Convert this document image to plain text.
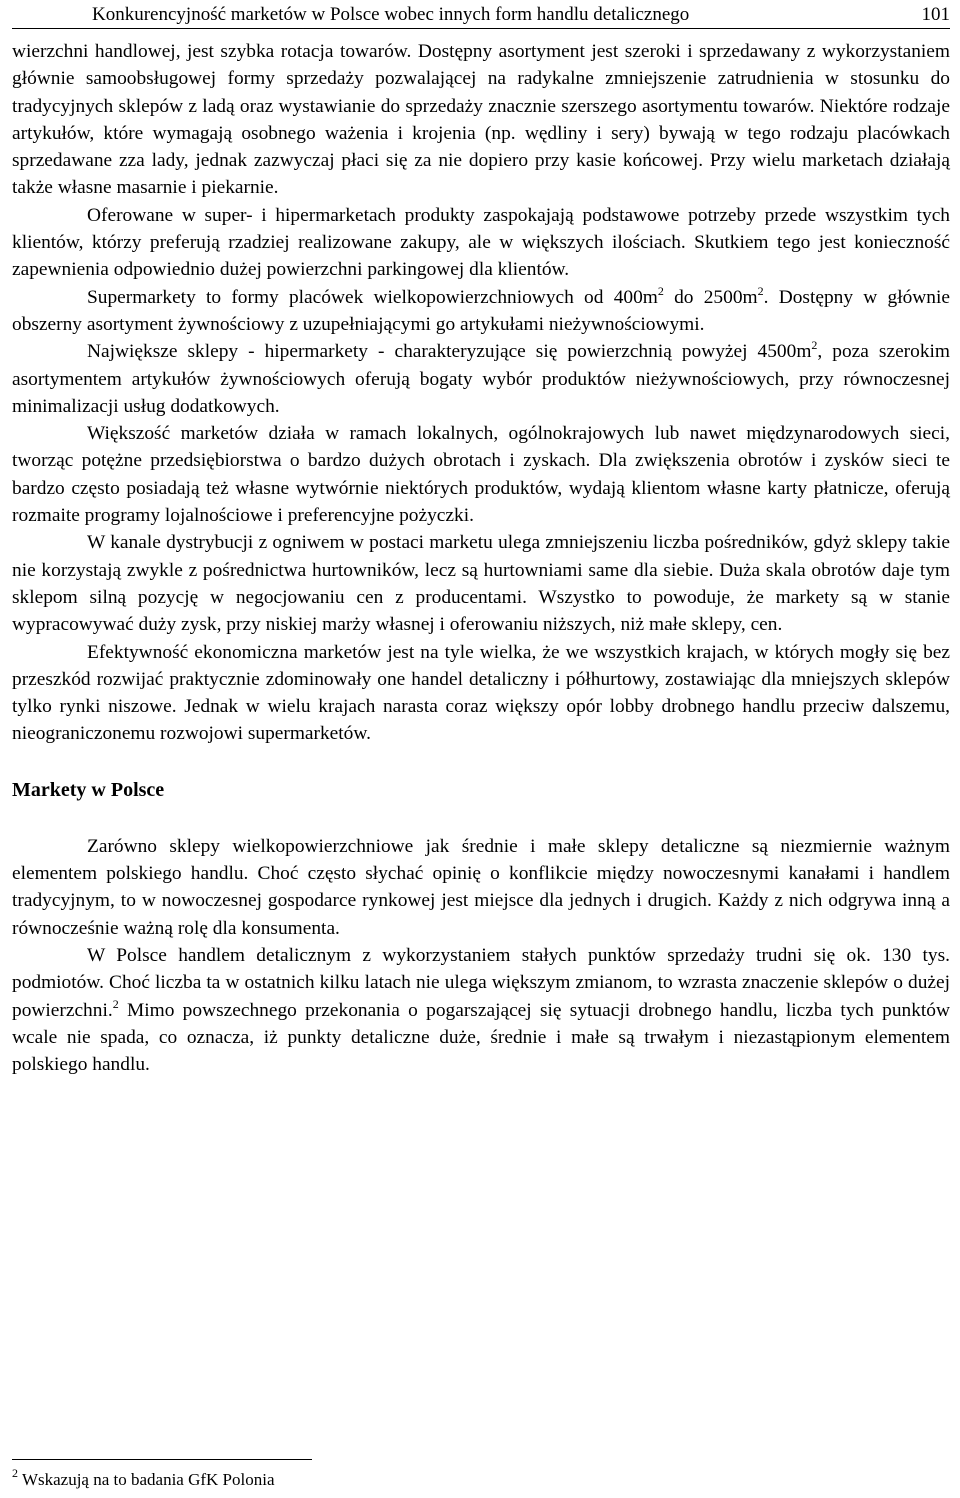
Konkurencyjność marketów w Polsce wobec innych form handlu detalicznego	101

wierzchni handlowej, jest szybka rotacja towarów. Dostępny asortyment jest szeroki i sprzedawany z wykorzystaniem głównie samoobsługowej formy sprzedaży pozwalającej na radykalne zmniejszenie zatrudnienia w stosunku do tradycyjnych sklepów z ladą oraz wystawianie do sprzedaży znacznie szerszego asortymentu towarów. Niektóre rodzaje artykułów, które wymagają osobnego ważenia i krojenia (np. wędliny i sery) bywają w tego rodzaju placówkach sprzedawane zza lady, jednak zazwyczaj płaci się za nie dopiero przy kasie końcowej. Przy wielu marketach działają także własne masarnie i piekarnie.

Oferowane w super- i hipermarketach produkty zaspokajają podstawowe potrzeby przede wszystkim tych klientów, którzy preferują rzadziej realizowane zakupy, ale w większych ilościach. Skutkiem tego jest konieczność zapewnienia odpowiednio dużej powierzchni parkingowej dla klientów.

Supermarkety to formy placówek wielkopowierzchniowych od $400m^2$ do $2500m^2$. Dostępny w głównie obszerny asortyment żywnościowy z uzupełniającymi go artykułami nieżywnościowymi.

Największe sklepy - hipermarkety - charakteryzujące się powierzchnią powyżej $4500m^2$, poza szerokim asortymentem artykułów żywnościowych oferują bogaty wybór produktów nieżywnościowych, przy równoczesnej minimalizacji usług dodatkowych.

Większość marketów działa w ramach lokalnych, ogólnokrajowych lub nawet międzynarodowych sieci, tworząc potężne przedsiębiorstwa o bardzo dużych obrotach i zyskach. Dla zwiększenia obrotów i zysków sieci te bardzo często posiadają też własne wytwórnie niektórych produktów, wydają klientom własne karty płatnicze, oferują rozmaite programy lojalnościowe i preferencyjne pożyczki.

W kanale dystrybucji z ogniwem w postaci marketu ulega zmniejszeniu liczba pośredników, gdyż sklepy takie nie korzystają zwykle z pośrednictwa hurtowników, lecz są hurtowniami same dla siebie. Duża skala obrotów daje tym sklepom silną pozycję w negocjowaniu cen z producentami. Wszystko to powoduje, że markety są w stanie wypracowywać duży zysk, przy niskiej marży własnej i oferowaniu niższych, niż małe sklepy, cen.

Efektywność ekonomiczna marketów jest na tyle wielka, że we wszystkich krajach, w których mogły się bez przeszkód rozwijać praktycznie zdominowały one handel detaliczny i półhurtowy, zostawiając dla mniejszych sklepów tylko rynki niszowe. Jednak w wielu krajach narasta coraz większy opór lobby drobnego handlu przeciw dalszemu, nieograniczonemu rozwojowi supermarketów.

Markety w Polsce

Zarówno sklepy wielkopowierzchniowe jak średnie i małe sklepy detaliczne są niezmiernie ważnym elementem polskiego handlu. Choć często słychać opinię o konflikcie między nowoczesnymi kanałami i handlem tradycyjnym, to w nowoczesnej gospodarce rynkowej jest miejsce dla jednych i drugich. Każdy z nich odgrywa inną a równocześnie ważną rolę dla konsumenta.

W Polsce handlem detalicznym z wykorzystaniem stałych punktów sprzedaży trudni się ok. 130 tys. podmiotów. Choć liczba ta w ostatnich kilku latach nie ulega większym zmianom, to wzrasta znaczenie sklepów o dużej powierzchni.$^2$ Mimo powszechnego przekonania o pogarszającej się sytuacji drobnego handlu, liczba tych punktów wcale nie spada, co oznacza, iż punkty detaliczne duże, średnie i małe są trwałym i niezastąpionym elementem polskiego handlu.

$^2$ Wskazują na to badania GfK Polonia
